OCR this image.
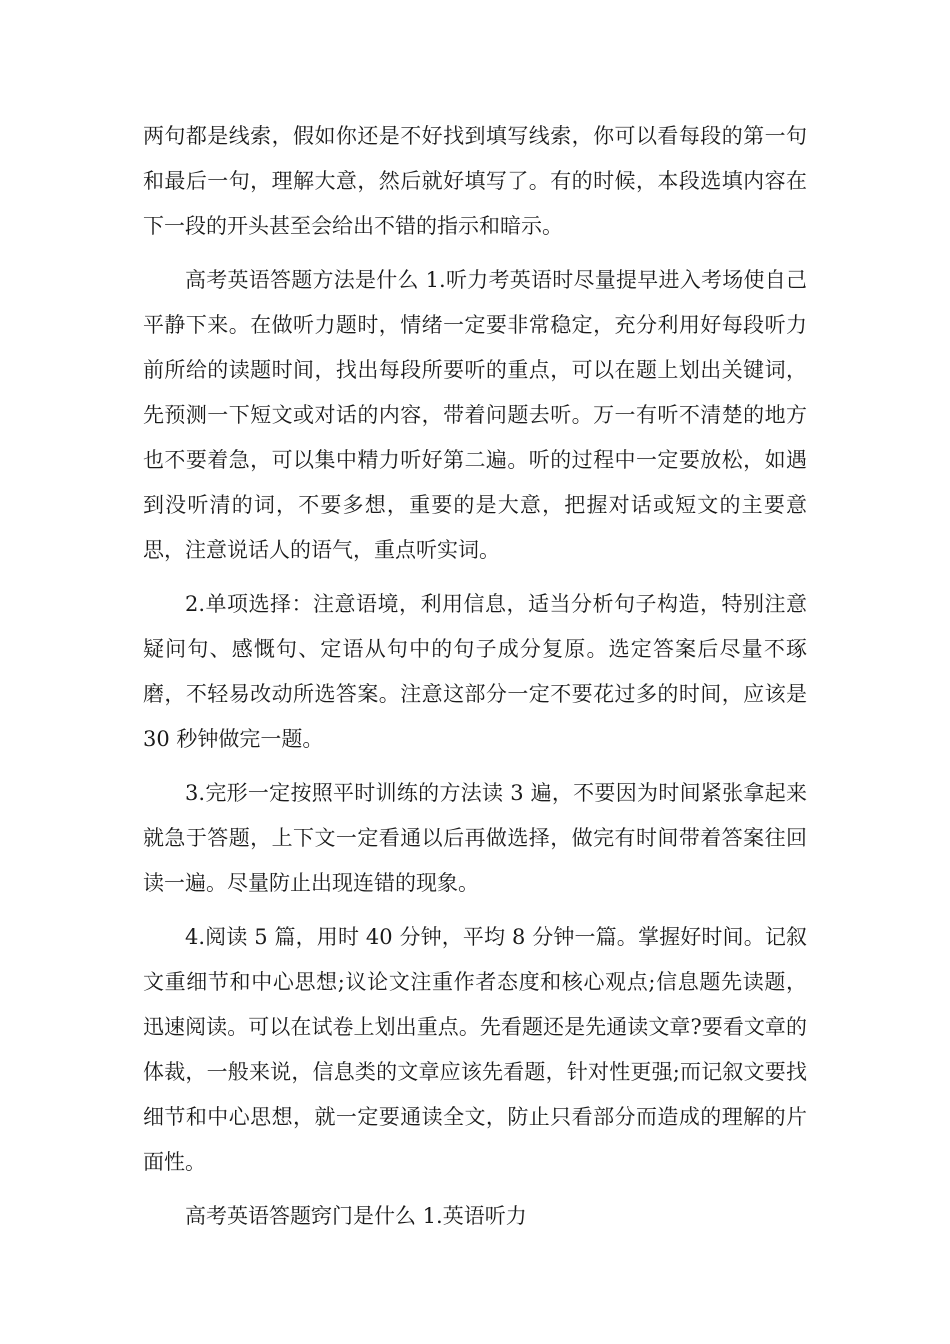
两句都是线索，假如你还是不好找到填写线索，你可以看每段的第一句和最后一句，理解大意，然后就好填写了。有的时候，本段选填内容在下一段的开头甚至会给出不错的指示和暗示。

高考英语答题方法是什么 1.听力考英语时尽量提早进入考场使自己平静下来。在做听力题时，情绪一定要非常稳定，充分利用好每段听力前所给的读题时间，找出每段所要听的重点，可以在题上划出关键词，先预测一下短文或对话的内容，带着问题去听。万一有听不清楚的地方也不要着急，可以集中精力听好第二遍。听的过程中一定要放松，如遇到没听清的词，不要多想，重要的是大意，把握对话或短文的主要意思，注意说话人的语气，重点听实词。

2.单项选择：注意语境，利用信息，适当分析句子构造，特别注意疑问句、感慨句、定语从句中的句子成分复原。选定答案后尽量不琢磨，不轻易改动所选答案。注意这部分一定不要花过多的时间，应该是 30 秒钟做完一题。

3.完形一定按照平时训练的方法读 3 遍，不要因为时间紧张拿起来就急于答题，上下文一定看通以后再做选择，做完有时间带着答案往回读一遍。尽量防止出现连错的现象。

4.阅读 5 篇，用时 40 分钟，平均 8 分钟一篇。掌握好时间。记叙文重细节和中心思想;议论文注重作者态度和核心观点;信息题先读题，迅速阅读。可以在试卷上划出重点。先看题还是先通读文章?要看文章的体裁，一般来说，信息类的文章应该先看题，针对性更强;而记叙文要找细节和中心思想，就一定要通读全文，防止只看部分而造成的理解的片面性。

高考英语答题窍门是什么 1.英语听力
